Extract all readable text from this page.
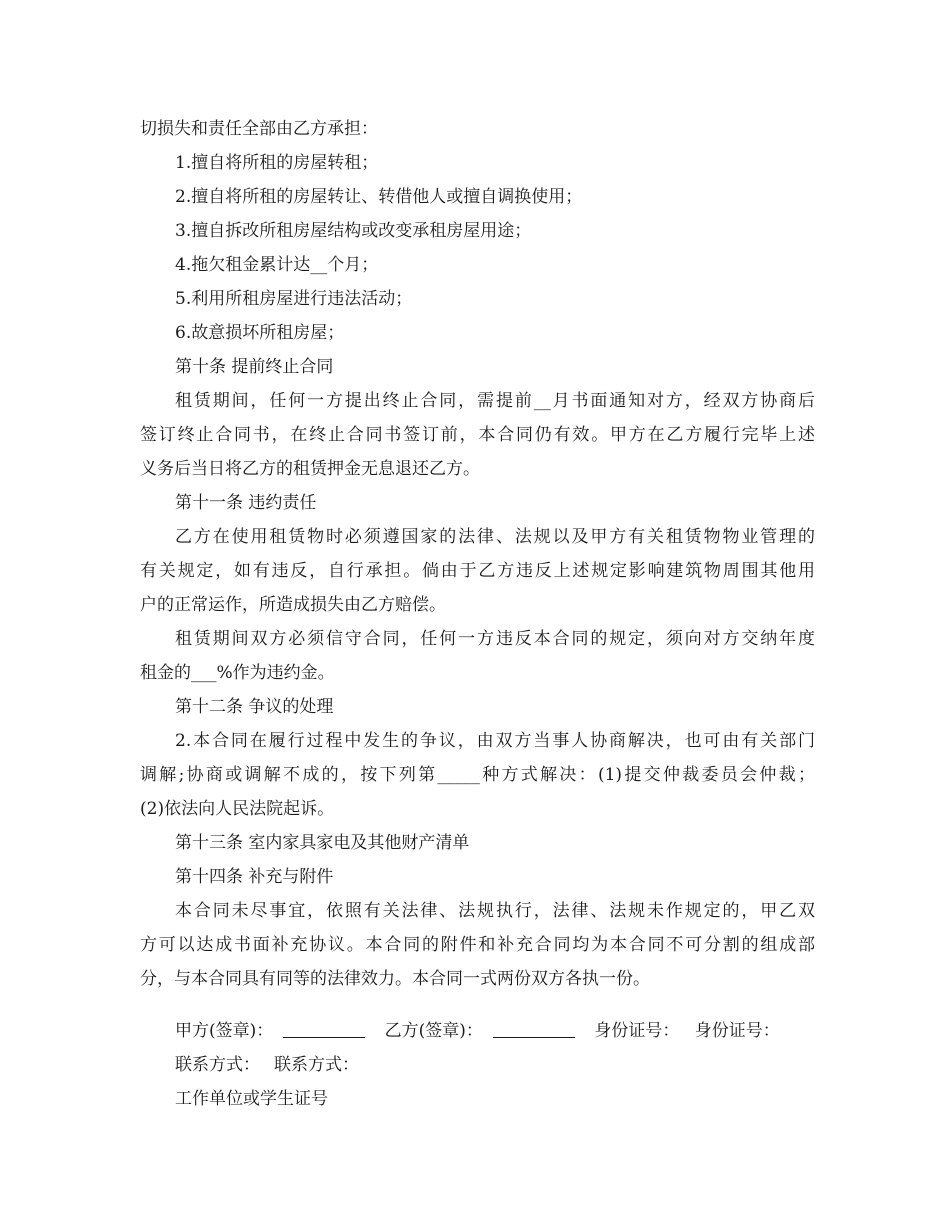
切损失和责任全部由乙方承担：
1.擅自将所租的房屋转租；
2.擅自将所租的房屋转让、转借他人或擅自调换使用；
3.擅自拆改所租房屋结构或改变承租房屋用途；
4.拖欠租金累计达__个月；
5.利用所租房屋进行违法活动；
6.故意损坏所租房屋；
第十条 提前终止合同
租赁期间，任何一方提出终止合同，需提前__月书面通知对方，经双方协商后
签订终止合同书，在终止合同书签订前，本合同仍有效。甲方在乙方履行完毕上述
义务后当日将乙方的租赁押金无息退还乙方。
第十一条 违约责任
乙方在使用租赁物时必须遵国家的法律、法规以及甲方有关租赁物物业管理的
有关规定，如有违反，自行承担。倘由于乙方违反上述规定影响建筑物周围其他用
户的正常运作，所造成损失由乙方赔偿。
租赁期间双方必须信守合同，任何一方违反本合同的规定，须向对方交纳年度
租金的___%作为违约金。
第十二条 争议的处理
2.本合同在履行过程中发生的争议，由双方当事人协商解决，也可由有关部门
调解;协商或调解不成的，按下列第_____种方式解决：(1)提交仲裁委员会仲裁；
(2)依法向人民法院起诉。
第十三条 室内家具家电及其他财产清单
第十四条 补充与附件
本合同未尽事宜，依照有关法律、法规执行，法律、法规未作规定的，甲乙双
方可以达成书面补充协议。本合同的附件和补充合同均为本合同不可分割的组成部
分，与本合同具有同等的法律效力。本合同一式两份双方各执一份。
甲方(签章)：	乙方(签章)：	身份证号： 身份证号：
联系方式： 联系方式：
工作单位或学生证号
